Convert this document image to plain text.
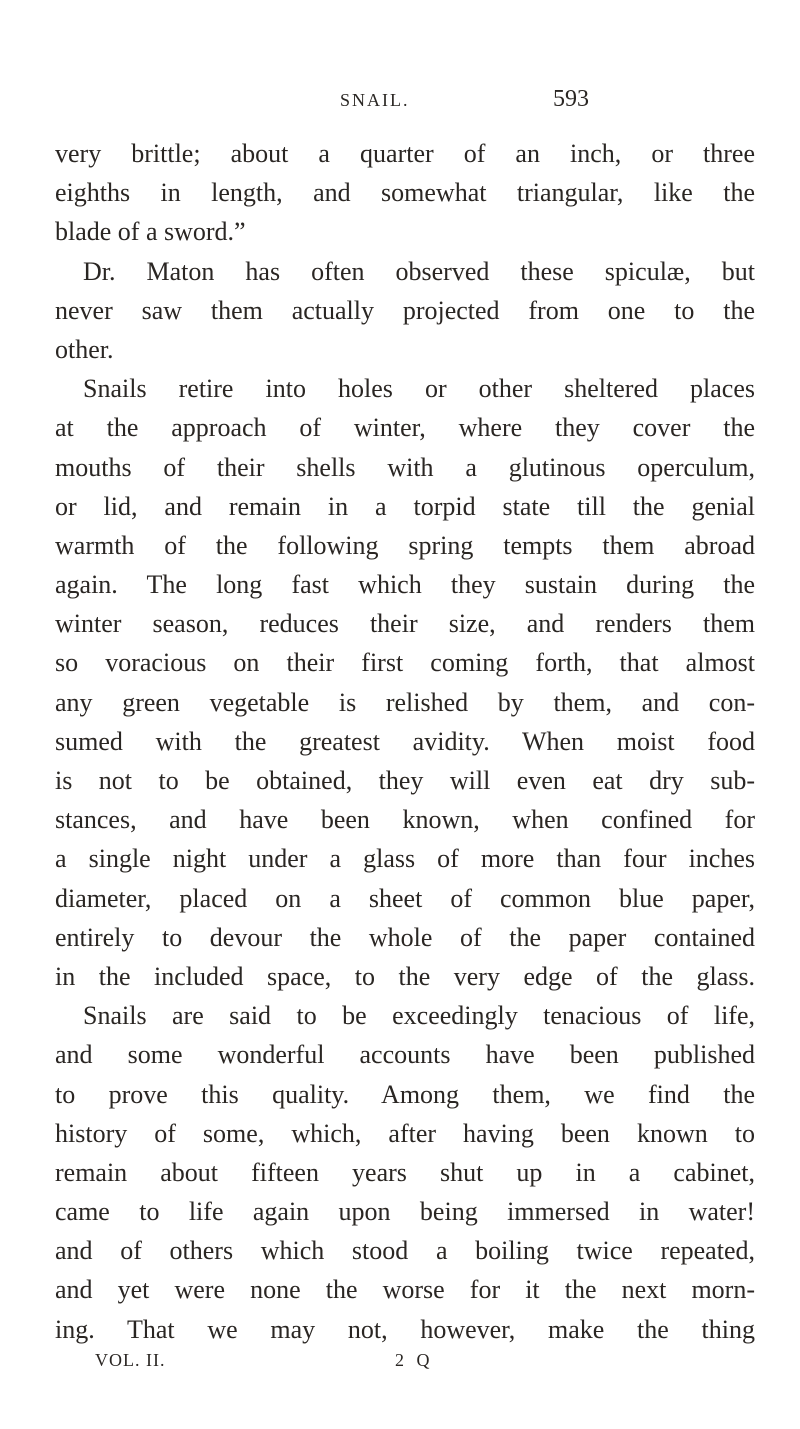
SNAIL.	593
very brittle; about a quarter of an inch, or three
eighths in length, and somewhat triangular, like the
blade of a sword.”
Dr. Maton has often observed these spiculæ, but
never saw them actually projected from one to the
other.
Snails retire into holes or other sheltered places
at the approach of winter, where they cover the
mouths of their shells with a glutinous operculum,
or lid, and remain in a torpid state till the genial
warmth of the following spring tempts them abroad
again. The long fast which they sustain during the
winter season, reduces their size, and renders them
so voracious on their first coming forth, that almost
any green vegetable is relished by them, and con-
sumed with the greatest avidity. When moist food
is not to be obtained, they will even eat dry sub-
stances, and have been known, when confined for
a single night under a glass of more than four inches
diameter, placed on a sheet of common blue paper,
entirely to devour the whole of the paper contained
in the included space, to the very edge of the glass.
Snails are said to be exceedingly tenacious of life,
and some wonderful accounts have been published
to prove this quality. Among them, we find the
history of some, which, after having been known to
remain about fifteen years shut up in a cabinet,
came to life again upon being immersed in water!
and of others which stood a boiling twice repeated,
and yet were none the worse for it the next morn-
ing. That we may not, however, make the thing
VOL. II.	2 Q
